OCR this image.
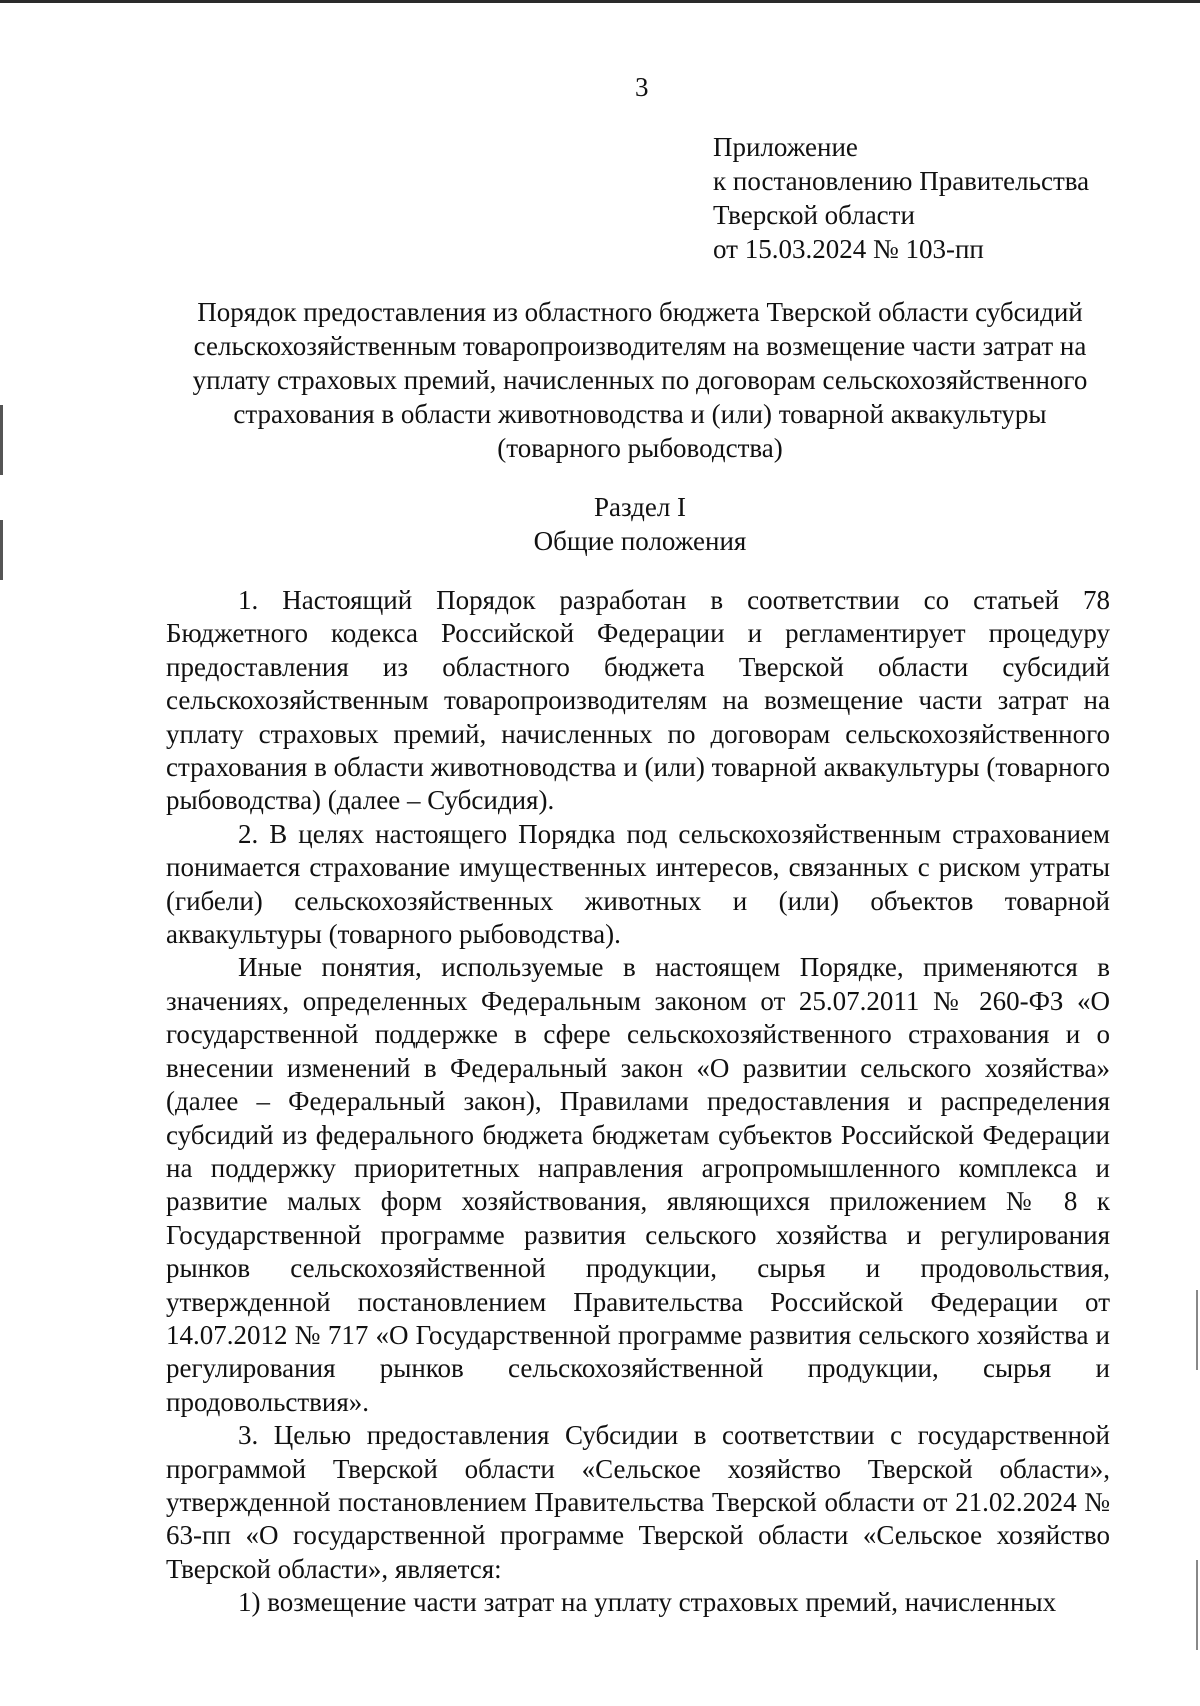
3
Приложение
к постановлению Правительства
Тверской области
от 15.03.2024 № 103-пп
Порядок предоставления из областного бюджета Тверской области субсидий
сельскохозяйственным товаропроизводителям на возмещение части затрат на
уплату страховых премий, начисленных по договорам сельскохозяйственного
страхования в области животноводства и (или) товарной аквакультуры
(товарного рыбоводства)
Раздел I
Общие положения

1. Настоящий Порядок разработан в соответствии со статьей 78 Бюджетного кодекса Российской Федерации и регламентирует процедуру предоставления из областного бюджета Тверской области субсидий сельскохозяйственным товаропроизводителям на возмещение части затрат на уплату страховых премий, начисленных по договорам сельскохозяйственного страхования в области животноводства и (или) товарной аквакультуры (товарного рыбоводства) (далее – Субсидия).

2. В целях настоящего Порядка под сельскохозяйственным страхованием понимается страхование имущественных интересов, связанных с риском утраты (гибели) сельскохозяйственных животных и (или) объектов товарной аквакультуры (товарного рыбоводства).

Иные понятия, используемые в настоящем Порядке, применяются в значениях, определенных Федеральным законом от 25.07.2011 № 260-ФЗ «О государственной поддержке в сфере сельскохозяйственного страхования и о внесении изменений в Федеральный закон «О развитии сельского хозяйства» (далее – Федеральный закон), Правилами предоставления и распределения субсидий из федерального бюджета бюджетам субъектов Российской Федерации на поддержку приоритетных направления агропромышленного комплекса и развитие малых форм хозяйствования, являющихся приложением № 8 к Государственной программе развития сельского хозяйства и регулирования рынков сельскохозяйственной продукции, сырья и продовольствия, утвержденной постановлением Правительства Российской Федерации от 14.07.2012 № 717 «О Государственной программе развития сельского хозяйства и регулирования рынков сельскохозяйственной продукции, сырья и продовольствия».

3. Целью предоставления Субсидии в соответствии с государственной программой Тверской области «Сельское хозяйство Тверской области», утвержденной постановлением Правительства Тверской области от 21.02.2024 № 63-пп «О государственной программе Тверской области «Сельское хозяйство Тверской области», является:

1) возмещение части затрат на уплату страховых премий, начисленных
